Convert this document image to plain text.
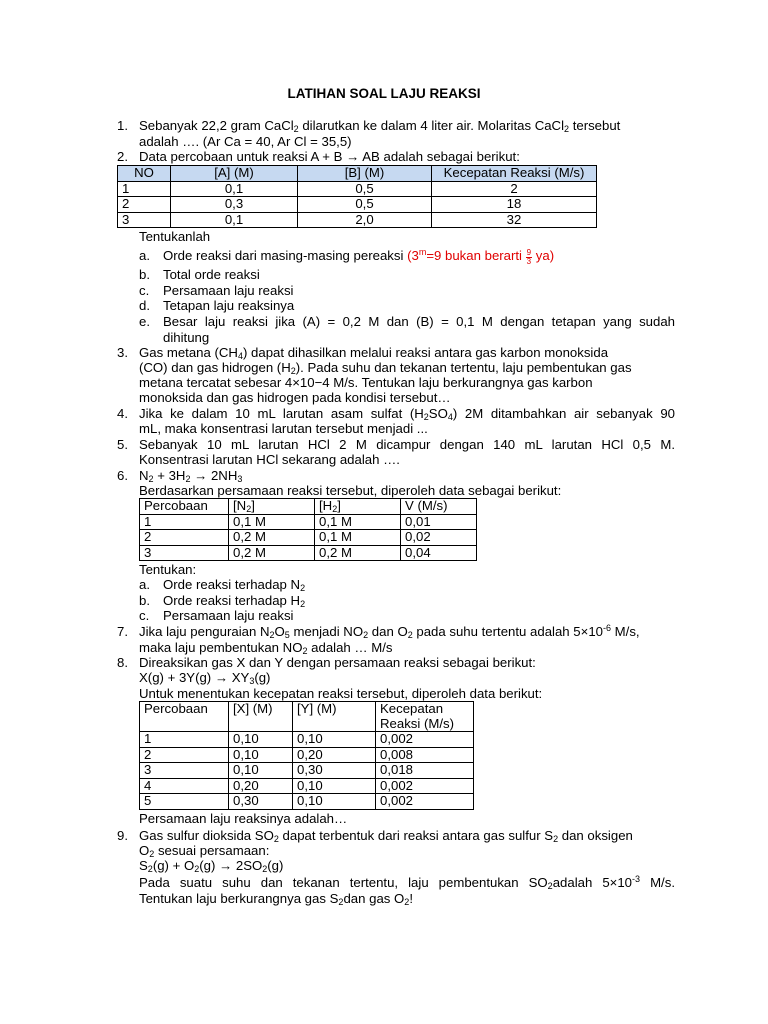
LATIHAN SOAL LAJU REAKSI
1. Sebanyak 22,2 gram CaCl$_2$ dilarutkan ke dalam 4 liter air. Molaritas CaCl$_2$ tersebut
adalah …. (Ar Ca = 40, Ar Cl = 35,5)
2. Data percobaan untuk reaksi A + B → AB adalah sebagai berikut:
NO	[A] (M)	[B] (M)	Kecepatan Reaksi (M/s)
1	0,1	0,5	2
2	0,3	0,5	18
3	0,1	2,0	32
Tentukanlah
a. Orde reaksi dari masing-masing pereaksi ($3^m=9$ bukan berarti $\frac{9}{3} ya$)
b. Total orde reaksi
c. Persamaan laju reaksi
d. Tetapan laju reaksinya
e. Besar laju reaksi jika (A) = 0,2 M dan (B) = 0,1 M dengan tetapan yang sudah
dihitung
3. Gas metana $(CH_4)$ dapat dihasilkan melalui reaksi antara gas karbon monoksida
(CO) dan gas hidrogen $(H_2)$. Pada suhu dan tekanan tertentu, laju pembentukan gas
metana tercatat sebesar 4×10−4 M/s. Tentukan laju berkurangnya gas karbon
monoksida dan gas hidrogen pada kondisi tersebut…
4. Jika ke dalam 10 mL larutan asam sulfat $(H_2SO_4)$ 2M ditambahkan air sebanyak 90
mL, maka konsentrasi larutan tersebut menjadi ...
5. Sebanyak 10 mL larutan HCl 2 M dicampur dengan 140 mL larutan HCl 0,5 M.
Konsentrasi larutan HCl sekarang adalah ….
6. $N_2 + 3H_2 \to 2NH_3$
Berdasarkan persamaan reaksi tersebut, diperoleh data sebagai berikut:
Percobaan	$[N_2]$	$[H_2]$	V (M/s)
1	0,1 M	0,1 M	0,01
2	0,2 M	0,1 M	0,02
3	0,2 M	0,2 M	0,04
Tentukan:
a. Orde reaksi terhadap $N_2$
b. Orde reaksi terhadap $H_2$
c. Persamaan laju reaksi
7. Jika laju penguraian $N_2O_5$ menjadi $NO_2$ dan $O_2$ pada suhu tertentu adalah $5\times 10^{-6}$ M/s,
maka laju pembentukan $NO_2$ adalah … M/s
8. Direaksikan gas X dan Y dengan persamaan reaksi sebagai berikut:
$X(g) + 3Y(g) \to XY_3(g)$
Untuk menentukan kecepatan reaksi tersebut, diperoleh data berikut:
Percobaan	[X] (M)	[Y] (M)	Kecepatan
Reaksi (M/s)
1	0,10	0,10	0,002
2	0,10	0,20	0,008
3	0,10	0,30	0,018
4	0,20	0,10	0,002
5	0,30	0,10	0,002
Persamaan laju reaksinya adalah…
9. Gas sulfur dioksida $SO_2$ dapat terbentuk dari reaksi antara gas sulfur $S_2$ dan oksigen
$O_2$ sesuai persamaan:
$S_2(g) + O_2(g) \to 2SO_2(g)$
Pada suatu suhu dan tekanan tertentu, laju pembentukan $SO_2adalah$ $5\times 10^{-3}$ M/s.
Tentukan laju berkurangnya gas $S_2dan$ gas $O_2$!
